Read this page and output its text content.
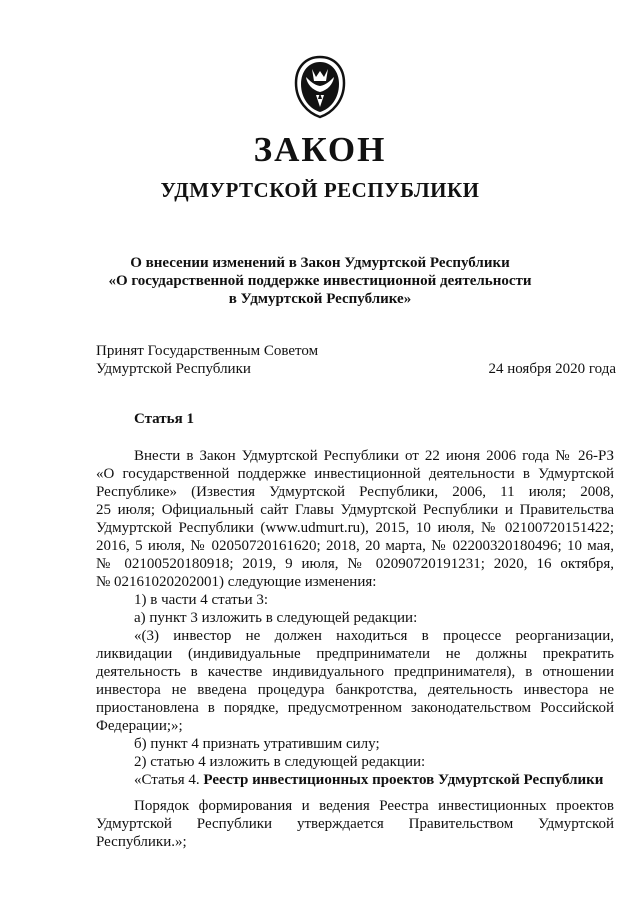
ЗАКОН
УДМУРТСКОЙ РЕСПУБЛИКИ
О внесении изменений в Закон Удмуртской Республики
«О государственной поддержке инвестиционной деятельности
в Удмуртской Республике»
Принят Государственным Советом
Удмуртской Республики	24 ноября 2020 года
Статья 1

Внести в Закон Удмуртской Республики от 22 июня 2006 года № 26-РЗ

«О государственной поддержке инвестиционной деятельности в Удмуртской

Республике» (Известия Удмуртской Республики, 2006, 11 июля; 2008,

25 июля; Официальный сайт Главы Удмуртской Республики и Правительства

Удмуртской Республики (www.udmurt.ru), 2015, 10 июля, № 02100720151422;

2016, 5 июля, № 02050720161620; 2018, 20 марта, № 02200320180496; 10 мая,

№ 02100520180918; 2019, 9 июля, № 02090720191231; 2020, 16 октября,

№ 02161020202001) следующие изменения:

1) в части 4 статьи 3:

а) пункт 3 изложить в следующей редакции:

«(3) инвестор не должен находиться в процессе реорганизации,

ликвидации (индивидуальные предприниматели не должны прекратить

деятельность в качестве индивидуального предпринимателя), в отношении

инвестора не введена процедура банкротства, деятельность инвестора не

приостановлена в порядке, предусмотренном законодательством Российской

Федерации;»;

б) пункт 4 признать утратившим силу;

2) статью 4 изложить в следующей редакции:

«Статья 4. Реестр инвестиционных проектов Удмуртской Республики

Порядок формирования и ведения Реестра инвестиционных проектов

Удмуртской Республики утверждается Правительством Удмуртской

Республики.»;
